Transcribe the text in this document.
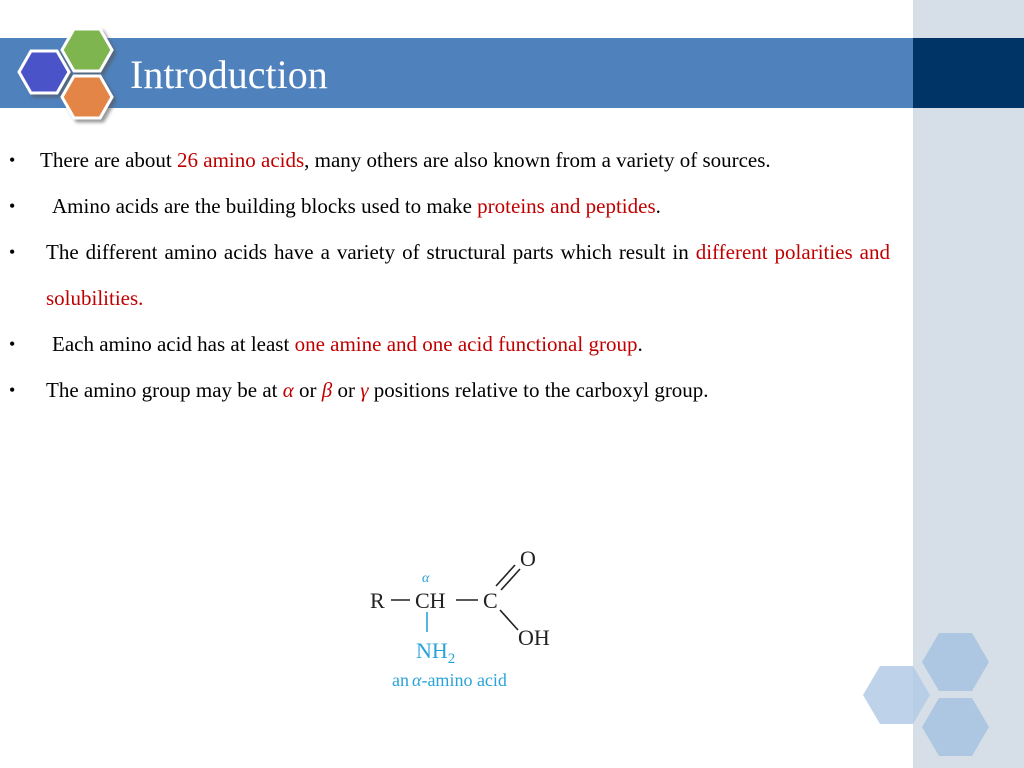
Introduction
• There are about 26 amino acids, many others are also known from a variety of sources.
• Amino acids are the building blocks used to make proteins and peptides.
• The different amino acids have a variety of structural parts which result in different polarities and solubilities.
• Each amino acid has at least one amine and one acid functional group.
• The amino group may be at α or β or γ positions relative to the carboxyl group.
R
α
CH C
O
OH
$NH_2$
an α-amino acid
